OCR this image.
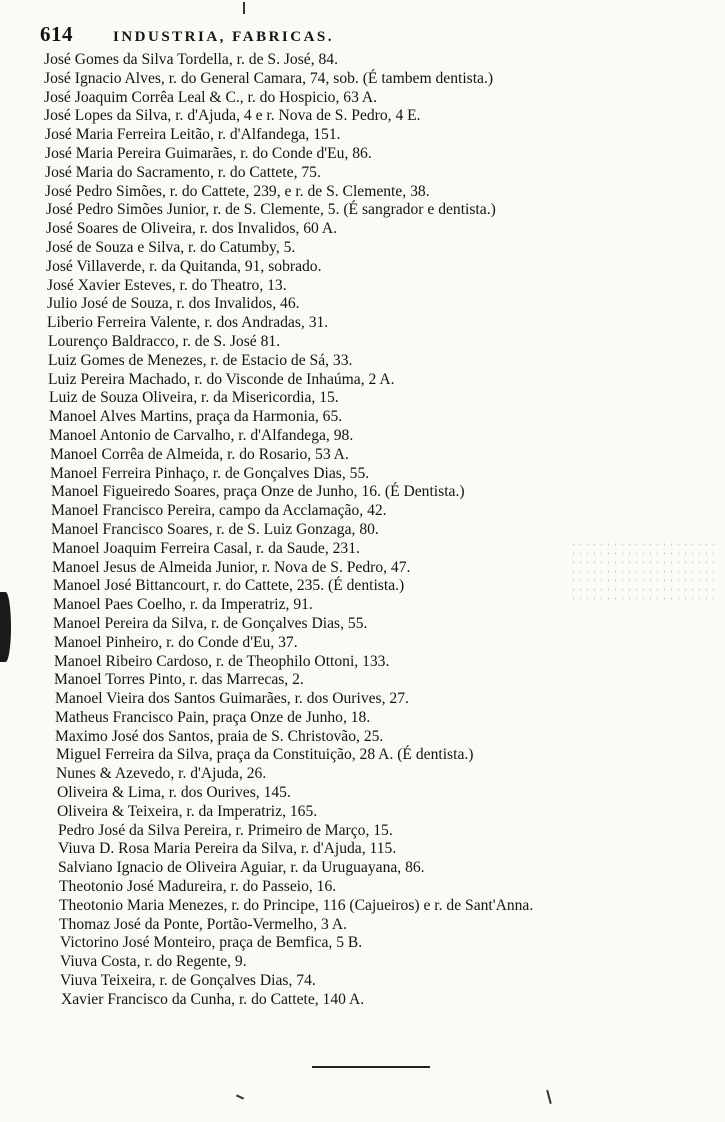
614	INDUSTRIA, FABRICAS.
José Gomes da Silva Tordella, r. de S. José, 84.
José Ignacio Alves, r. do General Camara, 74, sob. (É tambem dentista.)
José Joaquim Corrêa Leal & C., r. do Hospicio, 63 A.
José Lopes da Silva, r. d'Ajuda, 4 e r. Nova de S. Pedro, 4 E.
José Maria Ferreira Leitão, r. d'Alfandega, 151.
José Maria Pereira Guimarães, r. do Conde d'Eu, 86.
José Maria do Sacramento, r. do Cattete, 75.
José Pedro Simões, r. do Cattete, 239, e r. de S. Clemente, 38.
José Pedro Simões Junior, r. de S. Clemente, 5. (É sangrador e dentista.)
José Soares de Oliveira, r. dos Invalidos, 60 A.
José de Souza e Silva, r. do Catumby, 5.
José Villaverde, r. da Quitanda, 91, sobrado.
José Xavier Esteves, r. do Theatro, 13.
Julio José de Souza, r. dos Invalidos, 46.
Liberio Ferreira Valente, r. dos Andradas, 31.
Lourenço Baldracco, r. de S. José 81.
Luiz Gomes de Menezes, r. de Estacio de Sá, 33.
Luiz Pereira Machado, r. do Visconde de Inhaúma, 2 A.
Luiz de Souza Oliveira, r. da Misericordia, 15.
Manoel Alves Martins, praça da Harmonia, 65.
Manoel Antonio de Carvalho, r. d'Alfandega, 98.
Manoel Corrêa de Almeida, r. do Rosario, 53 A.
Manoel Ferreira Pinhaço, r. de Gonçalves Dias, 55.
Manoel Figueiredo Soares, praça Onze de Junho, 16. (É Dentista.)
Manoel Francisco Pereira, campo da Acclamação, 42.
Manoel Francisco Soares, r. de S. Luiz Gonzaga, 80.
Manoel Joaquim Ferreira Casal, r. da Saude, 231.
Manoel Jesus de Almeida Junior, r. Nova de S. Pedro, 47.
Manoel José Bittancourt, r. do Cattete, 235. (É dentista.)
Manoel Paes Coelho, r. da Imperatriz, 91.
Manoel Pereira da Silva, r. de Gonçalves Dias, 55.
Manoel Pinheiro, r. do Conde d'Eu, 37.
Manoel Ribeiro Cardoso, r. de Theophilo Ottoni, 133.
Manoel Torres Pinto, r. das Marrecas, 2.
Manoel Vieira dos Santos Guimarães, r. dos Ourives, 27.
Matheus Francisco Pain, praça Onze de Junho, 18.
Maximo José dos Santos, praia de S. Christovão, 25.
Miguel Ferreira da Silva, praça da Constituição, 28 A. (É dentista.)
Nunes & Azevedo, r. d'Ajuda, 26.
Oliveira & Lima, r. dos Ourives, 145.
Oliveira & Teixeira, r. da Imperatriz, 165.
Pedro José da Silva Pereira, r. Primeiro de Março, 15.
Viuva D. Rosa Maria Pereira da Silva, r. d'Ajuda, 115.
Salviano Ignacio de Oliveira Aguiar, r. da Uruguayana, 86.
Theotonio José Madureira, r. do Passeio, 16.
Theotonio Maria Menezes, r. do Principe, 116 (Cajueiros) e r. de Sant'Anna.
Thomaz José da Ponte, Portão-Vermelho, 3 A.
Victorino José Monteiro, praça de Bemfica, 5 B.
Viuva Costa, r. do Regente, 9.
Viuva Teixeira, r. de Gonçalves Dias, 74.
Xavier Francisco da Cunha, r. do Cattete, 140 A.
